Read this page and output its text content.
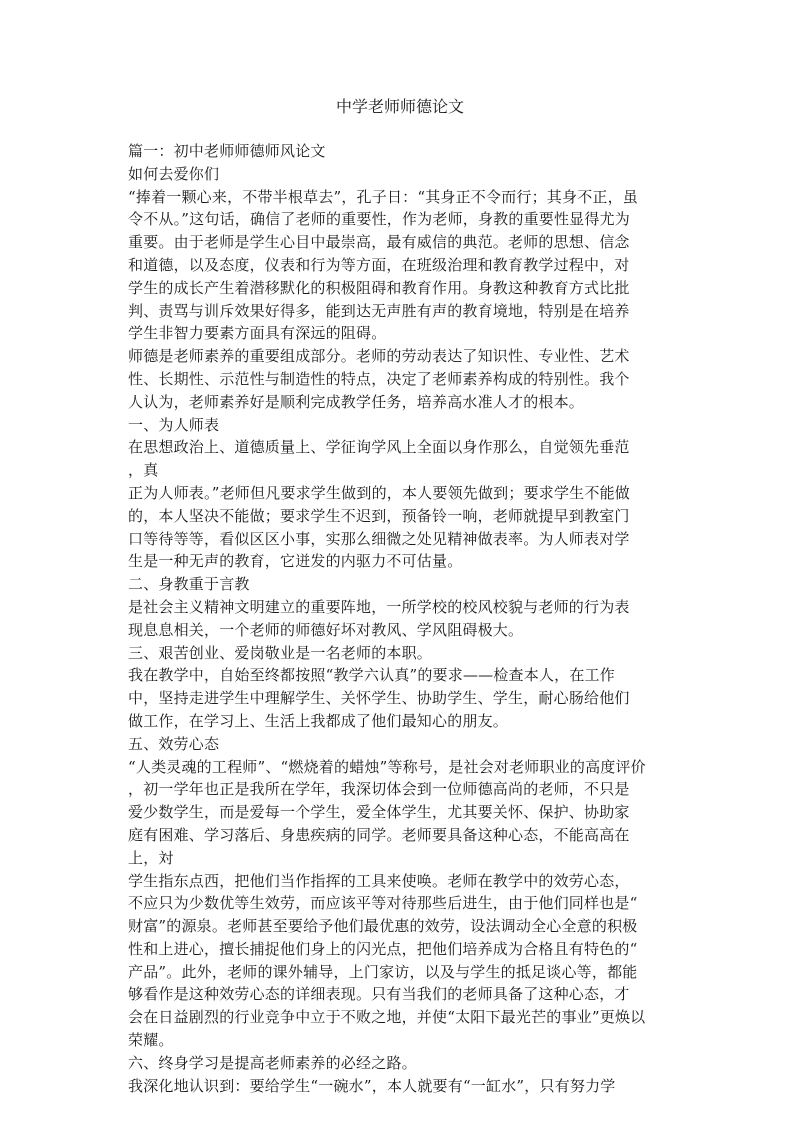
中学老师师德论文
篇一：初中老师师德师风论文
如何去爱你们
“捧着一颗心来，不带半根草去”，孔子日：“其身正不令而行；其身不正，虽
令不从。”这句话，确信了老师的重要性，作为老师，身教的重要性显得尤为
重要。由于老师是学生心目中最崇高，最有威信的典范。老师的思想、信念
和道德，以及态度，仪表和行为等方面，在班级治理和教育教学过程中，对
学生的成长产生着潜移默化的积极阻碍和教育作用。身教这种教育方式比批
判、责骂与训斥效果好得多，能到达无声胜有声的教育境地，特别是在培养
学生非智力要素方面具有深远的阻碍。
师德是老师素养的重要组成部分。老师的劳动表达了知识性、专业性、艺术
性、长期性、示范性与制造性的特点，决定了老师素养构成的特别性。我个
人认为，老师素养好是顺利完成教学任务，培养高水准人才的根本。
一、为人师表
在思想政治上、道德质量上、学征询学风上全面以身作那么，自觉领先垂范
，真
正为人师表。”老师但凡要求学生做到的，本人要领先做到；要求学生不能做
的，本人坚决不能做；要求学生不迟到，预备铃一响，老师就提早到教室门
口等待等等，看似区区小事，实那么细微之处见精神做表率。为人师表对学
生是一种无声的教育，它迸发的内驱力不可估量。
二、身教重于言教
是社会主义精神文明建立的重要阵地，一所学校的校风校貌与老师的行为表
现息息相关，一个老师的师德好坏对教风、学风阻碍极大。
三、艰苦创业、爱岗敬业是一名老师的本职。
我在教学中，自始至终都按照“教学六认真”的要求——检查本人，在工作
中，坚持走进学生中理解学生、关怀学生、协助学生、学生，耐心肠给他们
做工作，在学习上、生活上我都成了他们最知心的朋友。
五、效劳心态
“人类灵魂的工程师”、“燃烧着的蜡烛”等称号，是社会对老师职业的高度评价
，初一学年也正是我所在学年，我深切体会到一位师德高尚的老师，不只是
爱少数学生，而是爱每一个学生，爱全体学生，尤其要关怀、保护、协助家
庭有困难、学习落后、身患疾病的同学。老师要具备这种心态，不能高高在
上，対
学生指东点西，把他们当作指挥的工具来使唤。老师在教学中的效劳心态，
不应只为少数优等生效劳，而应该平等对待那些后进生，由于他们同样也是“
财富”的源泉。老师甚至要给予他们最优惠的效劳，设法调动全心全意的积极
性和上进心，擅长捕捉他们身上的闪光点，把他们培养成为合格且有特色的“
产品”。此外，老师的课外辅导，上门家访，以及与学生的抵足谈心等，都能
够看作是这种效劳心态的详细表现。只有当我们的老师具备了这种心态，才
会在日益剧烈的行业竞争中立于不败之地，并使“太阳下最光芒的事业”更焕以
荣耀。
六、终身学习是提高老师素养的必经之路。
我深化地认识到：要给学生“一碗水”，本人就要有“一缸水”，只有努力学
